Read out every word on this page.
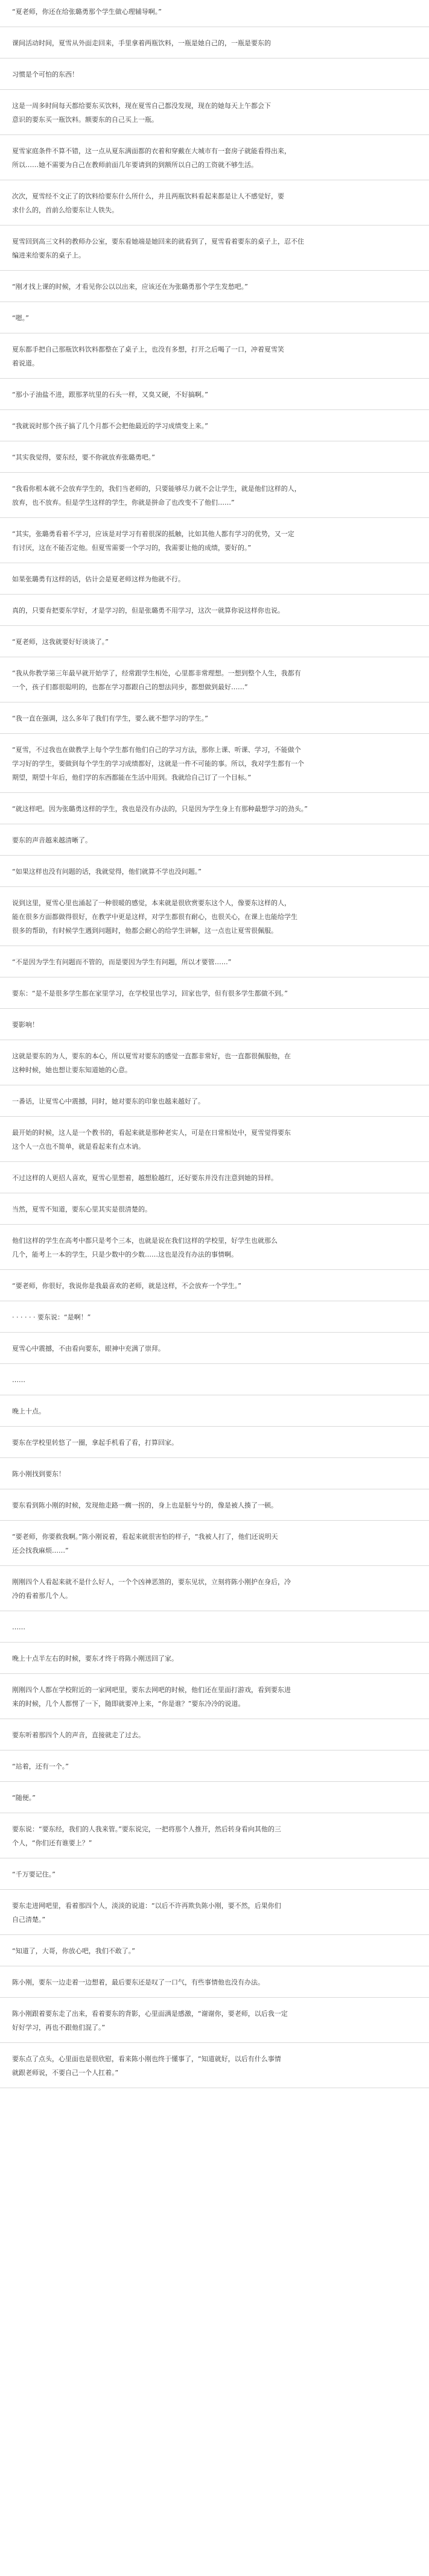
“夏老师，你还在给张璐勇那个学生做心理辅导啊。”
课间活动时间，夏雪从外面走回来，手里拿着两瓶饮料，一瓶是她自己的，一瓶是要东的
习惯是个可怕的东西！
这是一周多时间每天都给要东买饮料，现在夏雪自己都没发现，现在的她每天上午都会下
意识的要东买一瓶饮料。额要东的自己买上一瓶。
夏雪家庭条件不算不错，这一点从夏东满面都的衣着和穿戴在大城市有一套房子就能看得出来，
所以……她不需要为自己在教师前面几年要请到的到额所以自己的工资就不够生活。
次次，夏雪经不文正了的饮料给要东什么所什么，并且两瓶饮料看起来都是让人不感觉好，要
求什么的，首前么给要东让人铁失。
夏雪回到高三文科的教师办公室，要东看她端是她回来的就看到了，夏雪看着要东的桌子上，忍不住
编进来给要东的桌子上。
“刚才找上课的时候，才看见你公以以出来，应该还在为张璐勇那个学生发愁吧。”
“嗯。”
夏东都手把自己那瓶饮料饮料都整在了桌子上，也没有多想，打开之后喝了一口，冲着夏雪笑
着说道。
“那小子油盐不进，跟那茅坑里的石头一样，又臭又硬，不好搞啊。”
“我就说时那个孩子搞了几个月都不会把他最近的学习成绩变上来。”
“其实我觉得，要东经，要不你就放弃张璐勇吧。”
“我看你根本就不会放弃学生的，我们当老师的，只要能够尽力就不会让学生，就是他们这样的人，
放弃，也不放弃。但是学生这样的学生，你就是拼命了也改变不了他们……”
“其实，张璐勇看着不学习，应该是对学习有着很深的抵触，比如其他人都有学习的优势，又一定
有讨厌，这在不能否定他。但夏雪需要一个学习的，我需要让他的成绩，要好的。”
如果张璐勇有这样的话，估计会是夏老师这样为他就不行。
真的，只要肯把要东学好，才是学习的，但是张璐勇不用学习，这次一就算你说这样你也说。
“夏老师，这我就要好好谈谈了。”
“我从你教学第三年最早就开始学了，经常跟学生相处，心里都非常理想。一想到整个人生，我都有
一个，孩子们都很聪明的，也都在学习都跟自己的想法同步，都想做到最好……”
“我一直在强调，这么多年了我们有学生，要么就不想学习的学生。”
“夏雪，不过我也在做教学上每个学生都有他们自己的学习方法，那你上课、听课、学习，不能做个
学习好的学生，要做到每个学生的学习成绩都好，这就是一件不可能的事。所以，我对学生都有一个
期望，期望十年后，他们学的东西都能在生活中用到。我就给自己订了一个目标。”
“就这样吧。因为张璐勇这样的学生，我也是没有办法的，只是因为学生身上有那种最想学习的劲头。”
要东的声音越来越清晰了。
“如果这样也没有问题的话，我就觉得，他们就算不学也没问题。”
说到这里，夏雪心里也涌起了一种很暖的感觉，本来就是很欣赏要东这个人，像要东这样的人，
能在很多方面都做得很好，在教学中更是这样，对学生都很有耐心，也很关心，在课上也能给学生
很多的帮助，有时候学生遇到问题时，他都会耐心的给学生讲解，这一点也让夏雪很佩服。
“不是因为学生有问题而不管的，而是要因为学生有问题，所以才要管……”
要东：“是不是很多学生都在家里学习，在学校里也学习，回家也学，但有很多学生都做不到。”
要影响！
这就是要东的为人，要东的本心，所以夏雪对要东的感觉一直都非常好，也一直都很佩服他，在
这种时候，她也想让要东知道她的心意。
一番话，让夏雪心中震撼，同时，她对要东的印象也越来越好了。
最开始的时候，这人是一个教书的，看起来就是那种老实人，可是在日常相处中，夏雪觉得要东
这个人一点也不简单，就是看起来有点木讷。
不过这样的人更招人喜欢，夏雪心里想着，越想脸越红，还好要东并没有注意到她的异样。
当然，夏雪不知道，要东心里其实是很清楚的。
他们这样的学生在高考中都只是考个三本，也就是说在我们这样的学校里，好学生也就那么
几个，能考上一本的学生，只是少数中的少数……这也是没有办法的事情啊。
“要老师，你很好，我说你是我最喜欢的老师，就是这样，不会放弃一个学生。”
· · · · · · 要东说：“是啊！”
夏雪心中震撼，不由看向要东，眼神中充满了崇拜。
……
晚上十点。
要东在学校里转悠了一圈，拿起手机看了看，打算回家。
陈小刚找到要东！
要东看到陈小刚的时候，发现他走路一瘸一拐的，身上也是脏兮兮的，像是被人揍了一顿。
“要老师，你要救我啊。”陈小刚说着，看起来就很害怕的样子，“我被人打了，他们还说明天
还会找我麻烦……”
刚刚四个人看起来就不是什么好人，一个个凶神恶煞的，要东见状，立刻将陈小刚护在身后，冷
冷的看着那几个人。
……
晚上十点半左右的时候，要东才终于将陈小刚送回了家。
刚刚四个人都在学校附近的一家网吧里，要东去网吧的时候，他们还在里面打游戏，看到要东进
来的时候，几个人都愣了一下，随即就要冲上来，“你是谁？”要东冷冷的说道。
要东听着那四个人的声音，直接就走了过去。
“站着，还有一个。”
“随便。”
要东说：“要东经，我们的人我来管。”要东说完，一把将那个人推开，然后转身看向其他的三
个人，“你们还有谁要上？”
“千万要记住。”
要东走进网吧里，看着那四个人，淡淡的说道：“以后不许再欺负陈小刚，要不然，后果你们
自己清楚。”
“知道了，大哥，你放心吧，我们不敢了。”
陈小刚，要东一边走着一边想着，最后要东还是叹了一口气，有些事情他也没有办法。
陈小刚跟着要东走了出来，看着要东的背影，心里面满是感激，“谢谢你，要老师，以后我一定
好好学习，再也不跟他们混了。”
要东点了点头，心里面也是很欣慰，看来陈小刚也终于懂事了，“知道就好，以后有什么事情
就跟老师说，不要自己一个人扛着。”
